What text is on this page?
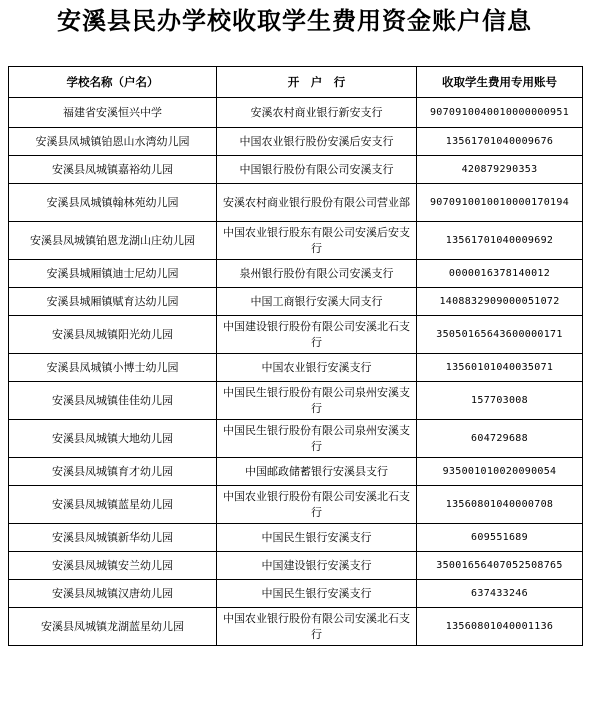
安溪县民办学校收取学生费用资金账户信息
学校名称（户名）	开　户　行	收取学生费用专用账号
福建省安溪恒兴中学	安溪农村商业银行新安支行	9070910040010000000951
安溪县凤城镇铂恩山水湾幼儿园	中国农业银行股份安溪后安支行	13561701040009676
安溪县凤城镇嘉裕幼儿园	中国银行股份有限公司安溪支行	420879290353
安溪县凤城镇翰林苑幼儿园	安溪农村商业银行股份有限公司营业部	9070910010010000170194
安溪县凤城镇铂恩龙湖山庄幼儿园	中国农业银行股东有限公司安溪后安支行	13561701040009692
安溪县城厢镇迪士尼幼儿园	泉州银行股份有限公司安溪支行	0000016378140012
安溪县城厢镇赋育达幼儿园	中国工商银行安溪大同支行	1408832909000051072
安溪县凤城镇阳光幼儿园	中国建设银行股份有限公司安溪北石支行	35050165643600000171
安溪县凤城镇小博士幼儿园	中国农业银行安溪支行	13560101040035071
安溪县凤城镇佳佳幼儿园	中国民生银行股份有限公司泉州安溪支行	157703008
安溪县凤城镇大地幼儿园	中国民生银行股份有限公司泉州安溪支行	604729688
安溪县凤城镇育才幼儿园	中国邮政储蓄银行安溪县支行	935001010020090054
安溪县凤城镇蓝星幼儿园	中国农业银行股份有限公司安溪北石支行	13560801040000708
安溪县凤城镇新华幼儿园	中国民生银行安溪支行	609551689
安溪县凤城镇安兰幼儿园	中国建设银行安溪支行	35001656407052508765
安溪县凤城镇汉唐幼儿园	中国民生银行安溪支行	637433246
安溪县凤城镇龙湖蓝星幼儿园	中国农业银行股份有限公司安溪北石支行	13560801040001136
